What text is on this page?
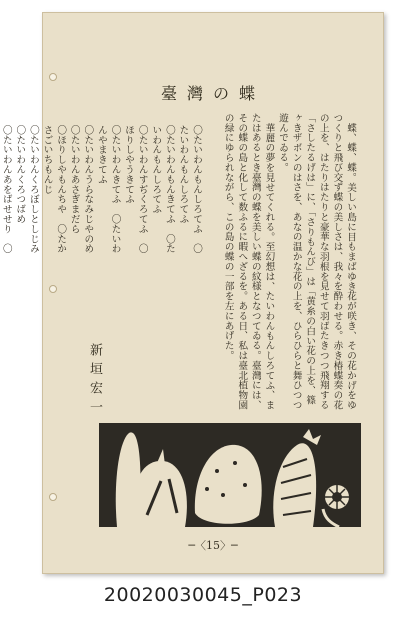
臺灣の蝶

蝶、蝶、蝶。美しい島に目もまばゆき花が咲き、その花かげをゆつくりと飛び交ず蝶の美しさは、我々を酔わせる。赤き椿蝶奏の花の上を、はたりはたりと豪華な羽根を見せて羽ばたきつつ飛翔する「さしたるげは」に、「さりもんび」は「黄糸の白い花の上を、篠ヶきザボンのはさを、あなの温かな花の上を、ひらひらと舞ひつつ遊んでゐる。

華麗の夢を見せてくれる。至幻想は、たいわんもんしろてふ、またはあるとき臺灣の蝶を美しい蝶の紋様となつてゐる。臺灣には、その蝶の島と化して数ふるに暇へざるを。ある日、私は臺北植物園の緑にゆられながら、この島の蝶の一部を左にあげた。

〇たいわんもんしろてふ　〇たいわんもんしろてふ

〇たいわんもんきてふ　〇たいわんもんしろてふ

〇たいわんすぢくろてふ　〇ほりしやうきてふ

〇たいわんきてふ　〇たいわんやまきてふ

〇たいわんうらなみじやのめ　〇たいわんあさぎまだら

〇ほりしやもんちや　〇たかさごいちもんじ

〇たいわんくろぼしとしじみ　〇たいわんくろつばめ

〇たいわんあをばせせり　〇

新垣宏一
─〈15〉─
20020030045_P023
